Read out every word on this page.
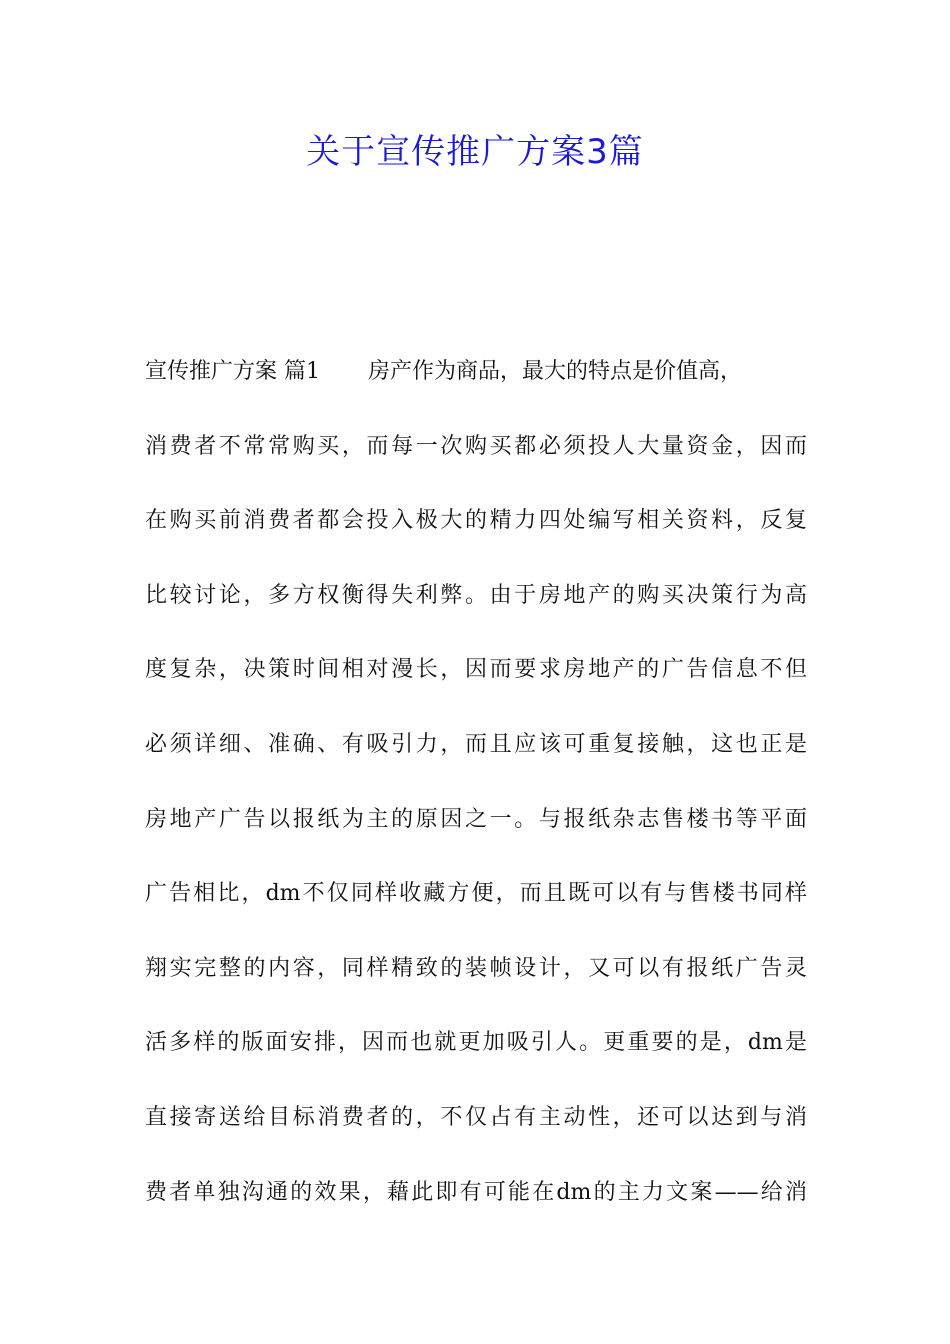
关于宣传推广方案3篇
宣传推广方案 篇1 房产作为商品，最大的特点是价值高，
消费者不常常购买，而每一次购买都必须投人大量资金，因而
在购买前消费者都会投入极大的精力四处编写相关资料，反复
比较讨论，多方权衡得失利弊。由于房地产的购买决策行为高
度复杂，决策时间相对漫长，因而要求房地产的广告信息不但
必须详细、准确、有吸引力，而且应该可重复接触，这也正是
房地产广告以报纸为主的原因之一。与报纸杂志售楼书等平面
广告相比，dm不仅同样收藏方便，而且既可以有与售楼书同样
翔实完整的内容，同样精致的装帧设计，又可以有报纸广告灵
活多样的版面安排，因而也就更加吸引人。更重要的是，dm是
直接寄送给目标消费者的，不仅占有主动性，还可以达到与消
费者单独沟通的效果，藉此即有可能在dm的主力文案——给消
